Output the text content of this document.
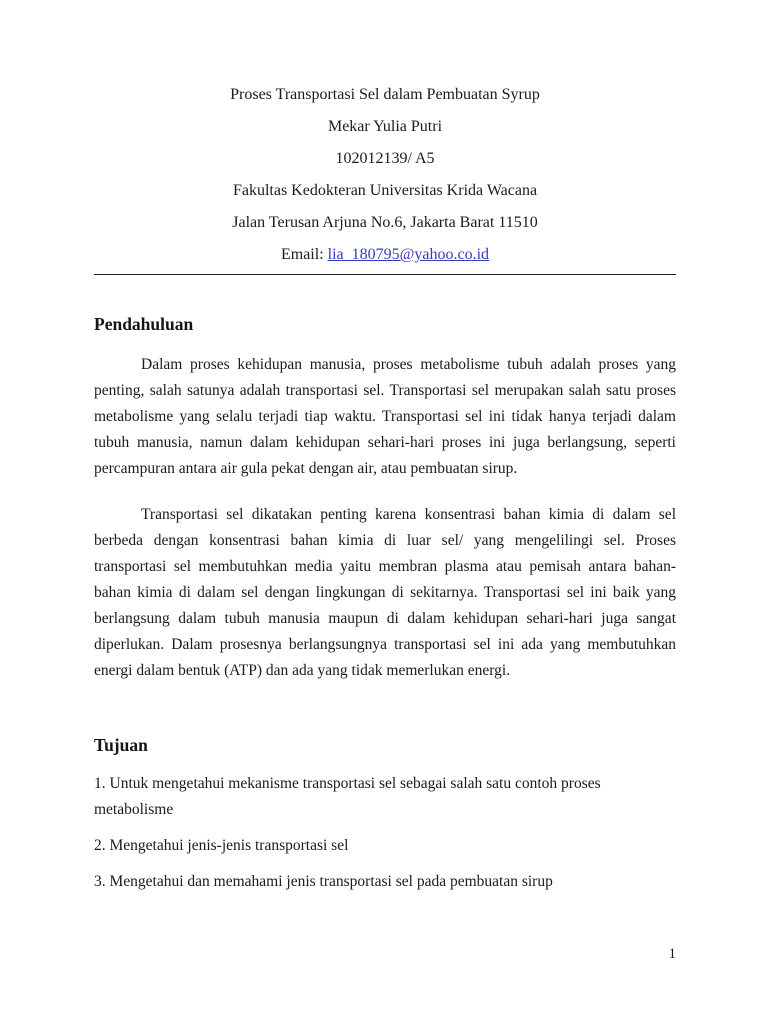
Proses Transportasi Sel dalam Pembuatan Syrup

Mekar Yulia Putri

102012139/ A5

Fakultas Kedokteran Universitas Krida Wacana

Jalan Terusan Arjuna No.6, Jakarta Barat 11510

Email: lia_180795@yahoo.co.id

Pendahuluan

Dalam proses kehidupan manusia, proses metabolisme tubuh adalah proses yang penting, salah satunya adalah transportasi sel. Transportasi sel merupakan salah satu proses metabolisme yang selalu terjadi tiap waktu. Transportasi sel ini tidak hanya terjadi dalam tubuh manusia, namun dalam kehidupan sehari-hari proses ini juga berlangsung, seperti percampuran antara air gula pekat dengan air, atau pembuatan sirup.

Transportasi sel dikatakan penting karena konsentrasi bahan kimia di dalam sel berbeda dengan konsentrasi bahan kimia di luar sel/ yang mengelilingi sel. Proses transportasi sel membutuhkan media yaitu membran plasma atau pemisah antara bahan-bahan kimia di dalam sel dengan lingkungan di sekitarnya. Transportasi sel ini baik yang berlangsung dalam tubuh manusia maupun di dalam kehidupan sehari-hari juga sangat diperlukan. Dalam prosesnya berlangsungnya transportasi sel ini ada yang membutuhkan energi dalam bentuk (ATP) dan ada yang tidak memerlukan energi.

Tujuan

1. Untuk mengetahui mekanisme transportasi sel sebagai salah satu contoh proses metabolisme

2. Mengetahui jenis-jenis transportasi sel

3. Mengetahui dan memahami jenis transportasi sel pada pembuatan sirup

1
